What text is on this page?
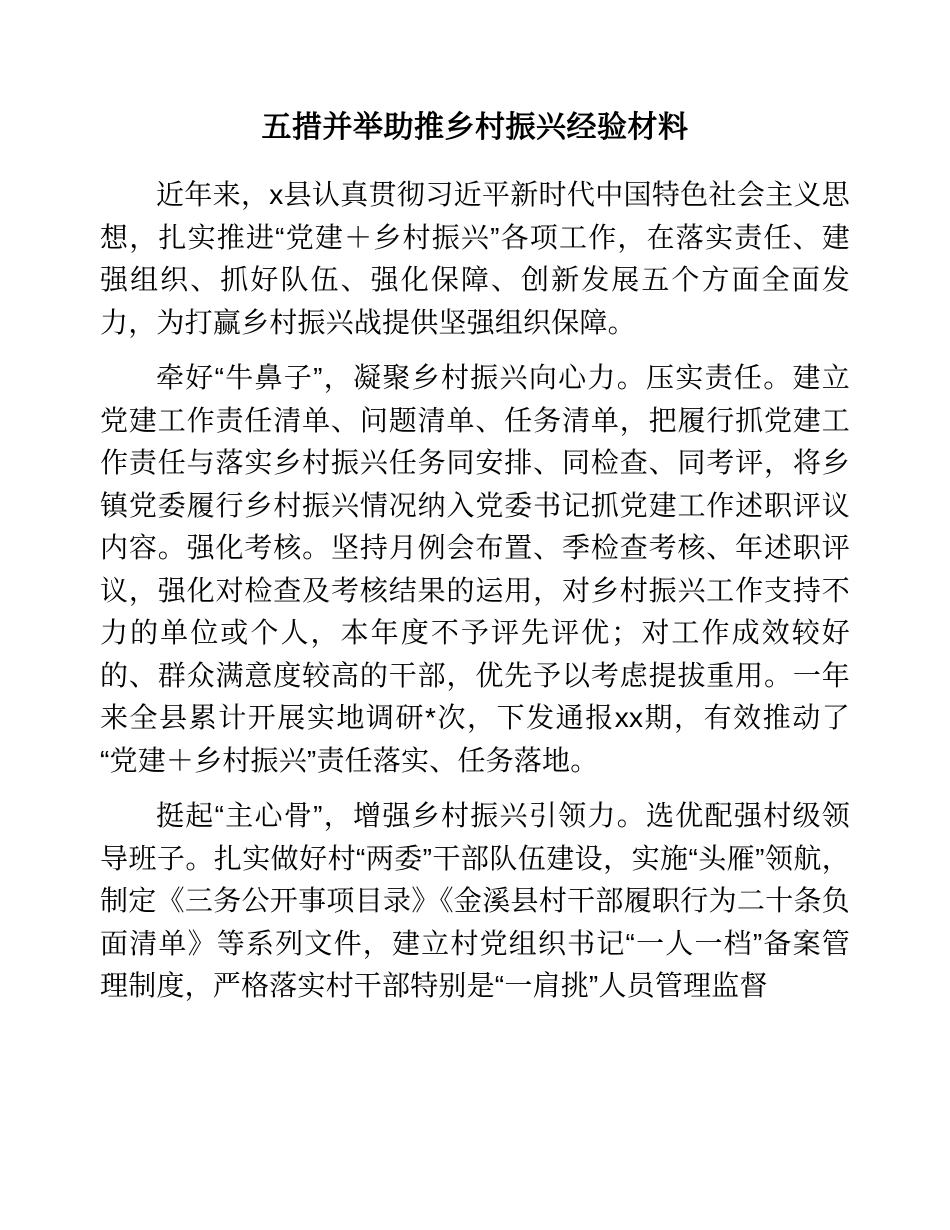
五措并举助推乡村振兴经验材料

近年来，x县认真贯彻习近平新时代中国特色社会主义思想，扎实推进“党建＋乡村振兴”各项工作，在落实责任、建强组织、抓好队伍、强化保障、创新发展五个方面全面发力，为打赢乡村振兴战提供坚强组织保障。

牵好“牛鼻子”，凝聚乡村振兴向心力。压实责任。建立党建工作责任清单、问题清单、任务清单，把履行抓党建工作责任与落实乡村振兴任务同安排、同检查、同考评，将乡镇党委履行乡村振兴情况纳入党委书记抓党建工作述职评议内容。强化考核。坚持月例会布置、季检查考核、年述职评议，强化对检查及考核结果的运用，对乡村振兴工作支持不力的单位或个人，本年度不予评先评优；对工作成效较好的、群众满意度较高的干部，优先予以考虑提拔重用。一年来全县累计开展实地调研*次，下发通报xx期，有效推动了“党建＋乡村振兴”责任落实、任务落地。

挺起“主心骨”，增强乡村振兴引领力。选优配强村级领导班子。扎实做好村“两委”干部队伍建设，实施“头雁”领航，制定《三务公开事项目录》《金溪县村干部履职行为二十条负面清单》等系列文件，建立村党组织书记“一人一档”备案管理制度，严格落实村干部特别是“一肩挑”人员管理监督
